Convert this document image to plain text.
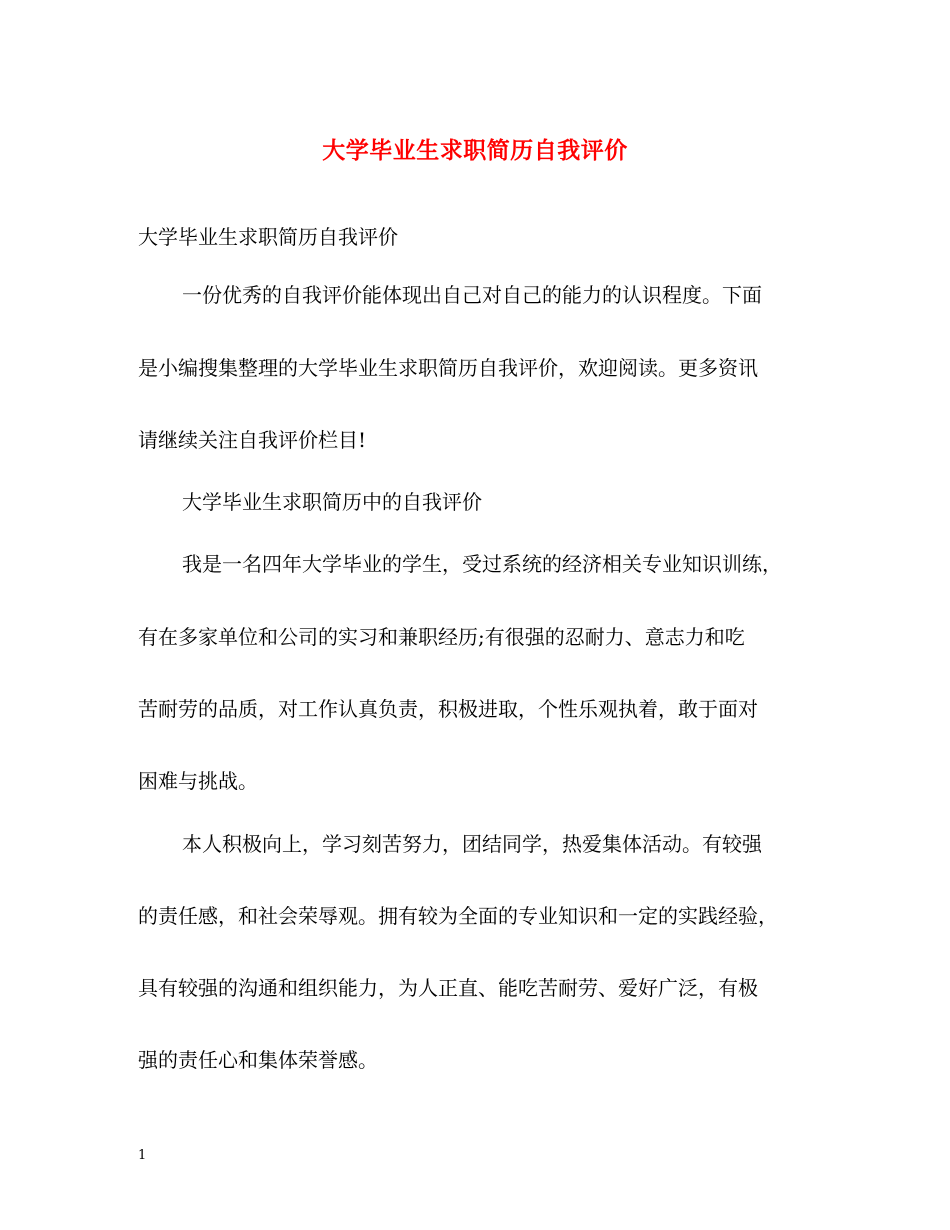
大学毕业生求职简历自我评价
大学毕业生求职简历自我评价
一份优秀的自我评价能体现出自己对自己的能力的认识程度。下面
是小编搜集整理的大学毕业生求职简历自我评价，欢迎阅读。更多资讯
请继续关注自我评价栏目!
大学毕业生求职简历中的自我评价
我是一名四年大学毕业的学生，受过系统的经济相关专业知识训练，
有在多家单位和公司的实习和兼职经历;有很强的忍耐力、意志力和吃
苦耐劳的品质，对工作认真负责，积极进取，个性乐观执着，敢于面对
困难与挑战。
本人积极向上，学习刻苦努力，团结同学，热爱集体活动。有较强
的责任感，和社会荣辱观。拥有较为全面的专业知识和一定的实践经验，
具有较强的沟通和组织能力，为人正直、能吃苦耐劳、爱好广泛，有极
强的责任心和集体荣誉感。
1
